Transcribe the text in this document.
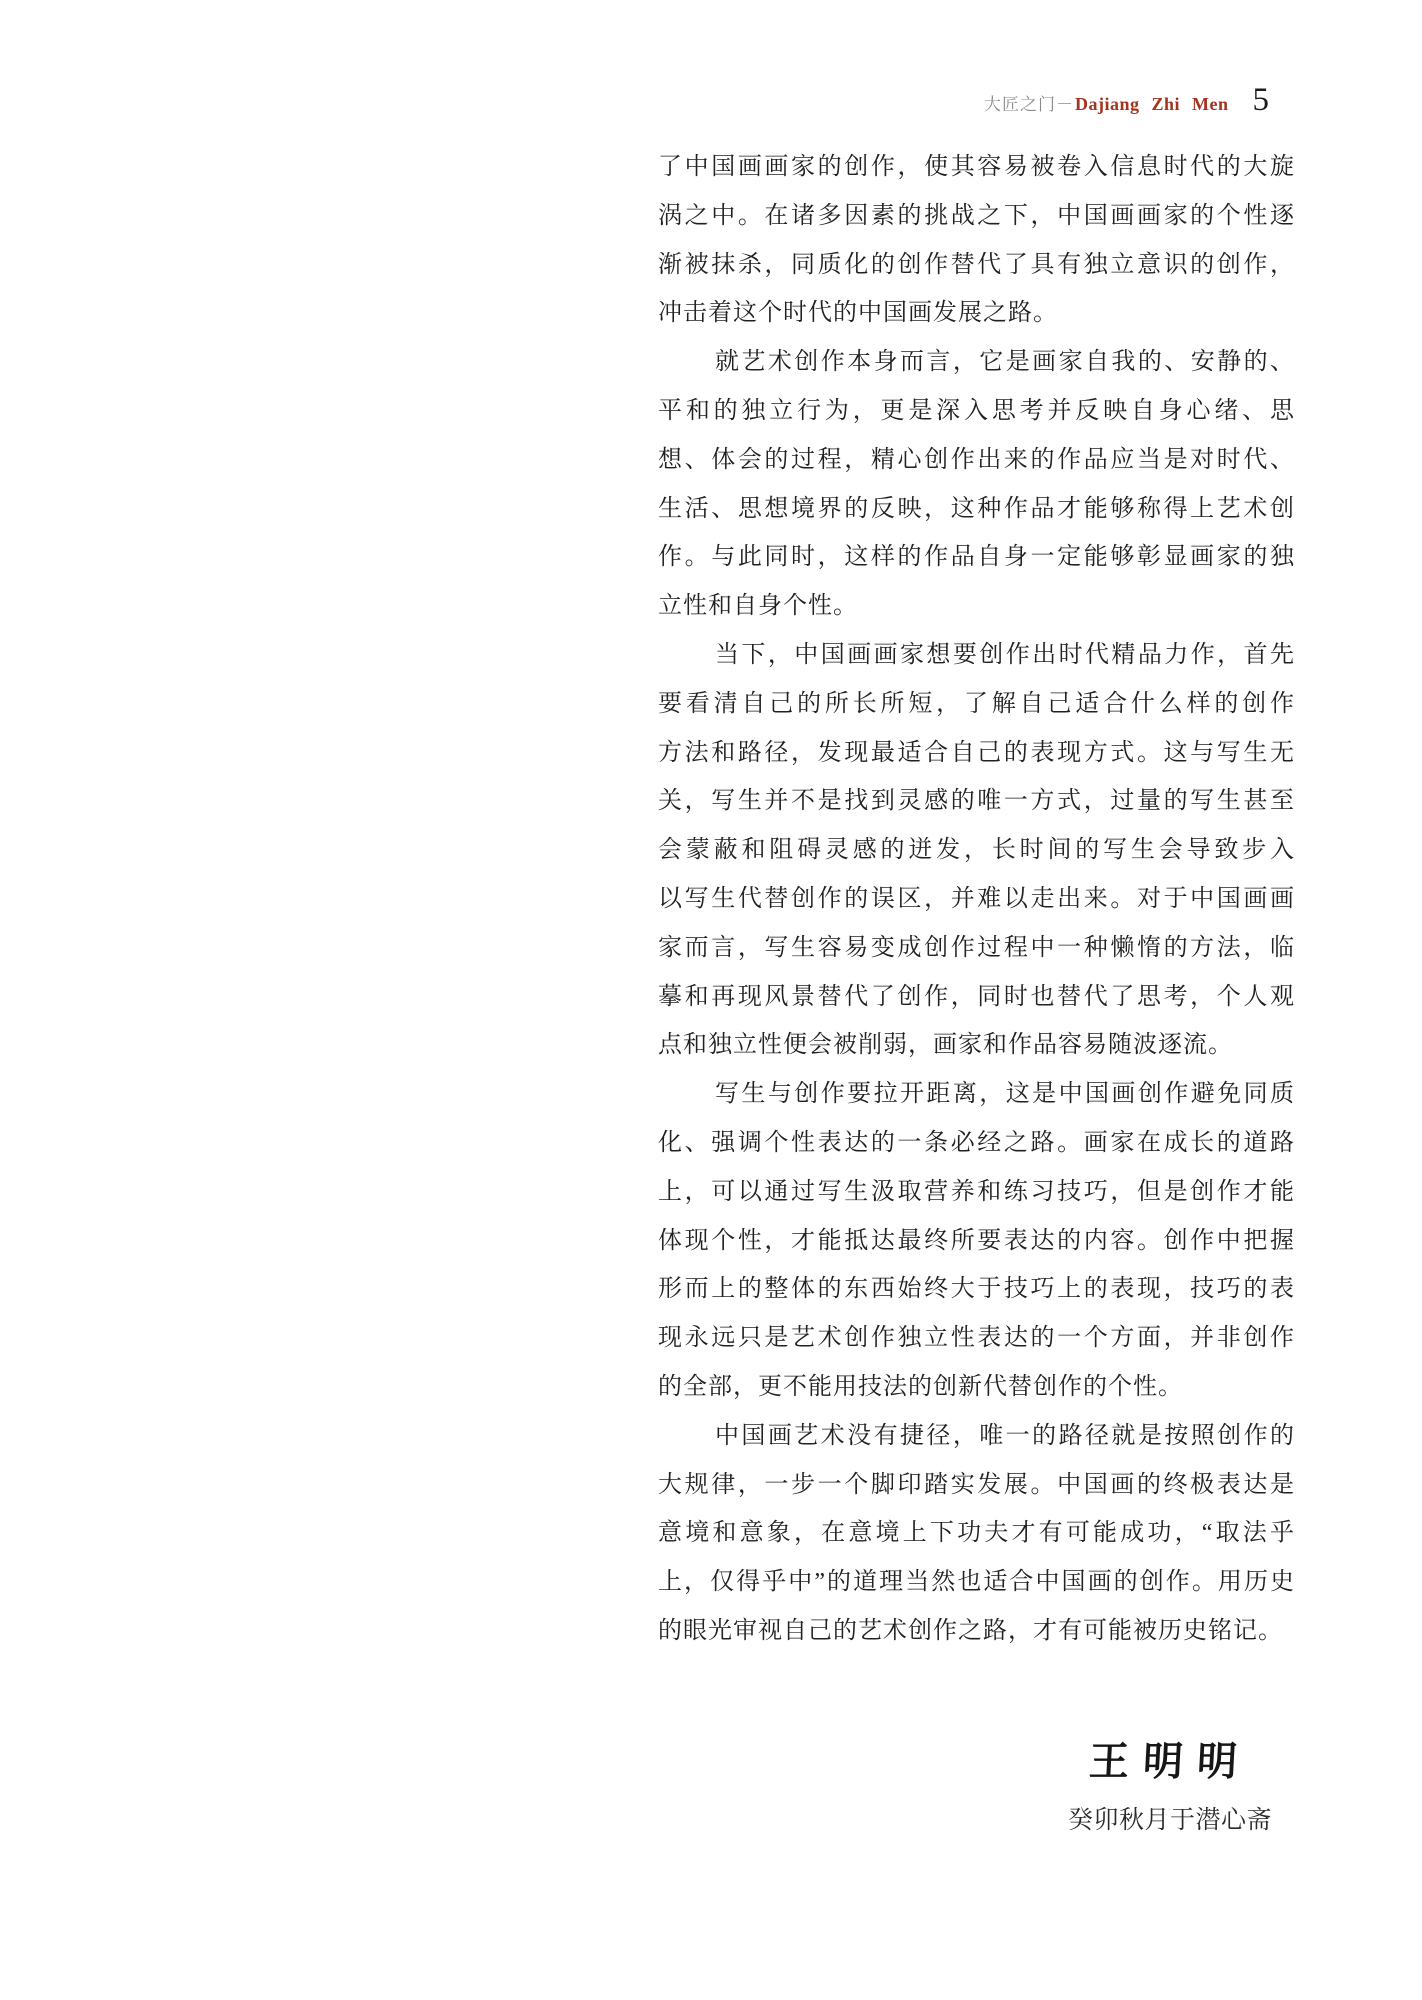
大匠之门－ Dajiang Zhi Men 5
了中国画画家的创作，使其容易被卷入信息时代的大旋
涡之中。在诸多因素的挑战之下，中国画画家的个性逐
渐被抹杀，同质化的创作替代了具有独立意识的创作，
冲击着这个时代的中国画发展之路。
就艺术创作本身而言，它是画家自我的、安静的、
平和的独立行为，更是深入思考并反映自身心绪、思
想、体会的过程，精心创作出来的作品应当是对时代、
生活、思想境界的反映，这种作品才能够称得上艺术创
作。与此同时，这样的作品自身一定能够彰显画家的独
立性和自身个性。
当下，中国画画家想要创作出时代精品力作，首先
要看清自己的所长所短，了解自己适合什么样的创作
方法和路径，发现最适合自己的表现方式。这与写生无
关，写生并不是找到灵感的唯一方式，过量的写生甚至
会蒙蔽和阻碍灵感的迸发，长时间的写生会导致步入
以写生代替创作的误区，并难以走出来。对于中国画画
家而言，写生容易变成创作过程中一种懒惰的方法，临
摹和再现风景替代了创作，同时也替代了思考，个人观
点和独立性便会被削弱，画家和作品容易随波逐流。
写生与创作要拉开距离，这是中国画创作避免同质
化、强调个性表达的一条必经之路。画家在成长的道路
上，可以通过写生汲取营养和练习技巧，但是创作才能
体现个性，才能抵达最终所要表达的内容。创作中把握
形而上的整体的东西始终大于技巧上的表现，技巧的表
现永远只是艺术创作独立性表达的一个方面，并非创作
的全部，更不能用技法的创新代替创作的个性。
中国画艺术没有捷径，唯一的路径就是按照创作的
大规律，一步一个脚印踏实发展。中国画的终极表达是
意境和意象，在意境上下功夫才有可能成功，“取法乎
上，仅得乎中”的道理当然也适合中国画的创作。用历史
的眼光审视自己的艺术创作之路，才有可能被历史铭记。
王明明
癸卯秋月于潜心斋
